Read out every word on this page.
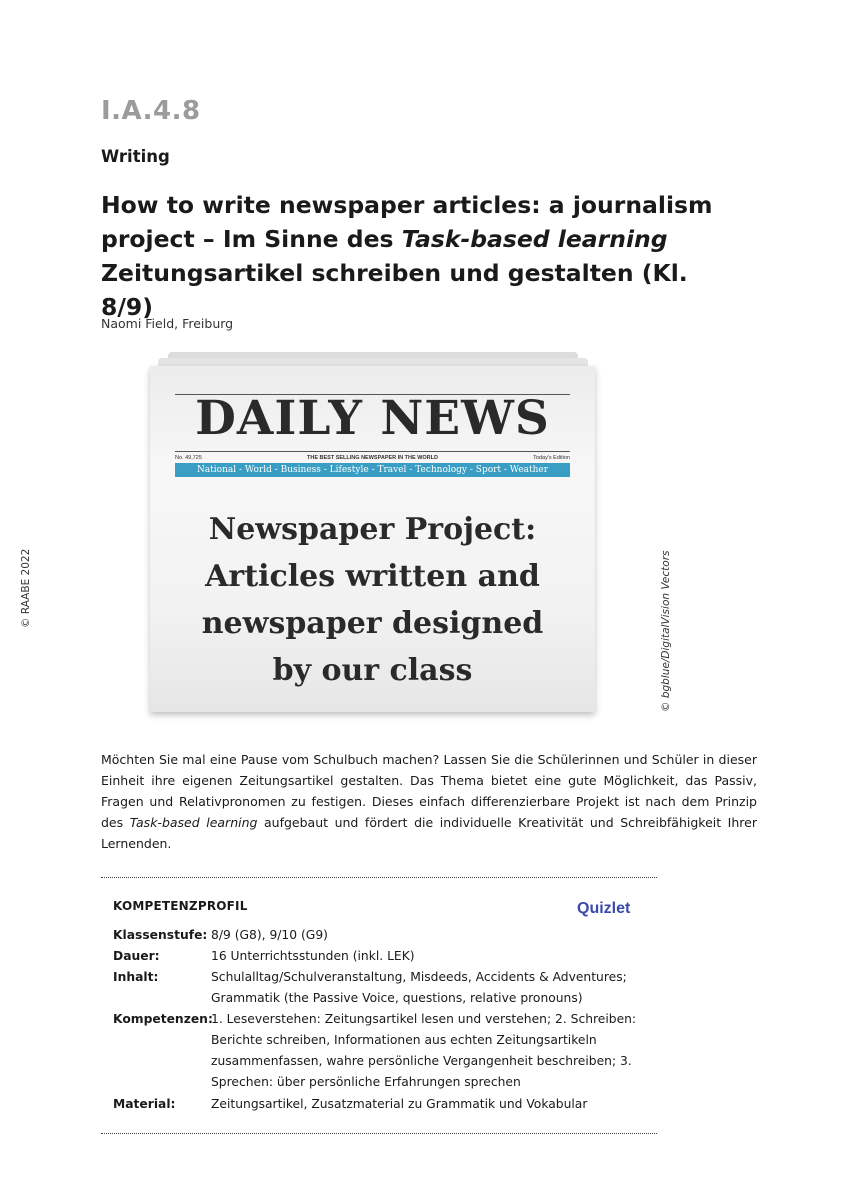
I.A.4.8
Writing
How to write newspaper articles: a journalism project – Im Sinne des Task-based learning Zeitungsartikel schreiben und gestalten (Kl. 8/9)
Naomi Field, Freiburg
© RAABE 2022	© bgblue/DigitalVision Vectors
DAILY NEWS
No. 49,725	THE BEST SELLING NEWSPAPER IN THE WORLD	Today's Edition
National - World - Business - Lifestyle - Travel - Technology - Sport - Weather
Newspaper Project:
Articles written and
newspaper designed
by our class
Möchten Sie mal eine Pause vom Schulbuch machen? Lassen Sie die Schülerinnen und Schüler in dieser Einheit ihre eigenen Zeitungsartikel gestalten. Das Thema bietet eine gute Möglichkeit, das Passiv, Fragen und Relativpronomen zu festigen. Dieses einfach differenzierbare Projekt ist nach dem Prinzip des Task-based learning aufgebaut und fördert die individuelle Kreativität und Schreibfähigkeit Ihrer Lernenden.
KOMPETENZPROFIL	Quizlet
Klassenstufe: 8/9 (G8), 9/10 (G9)
Dauer:	16 Unterrichtsstunden (inkl. LEK)
Inhalt:	Schulalltag/Schulveranstaltung, Misdeeds, Accidents & Adventures; Grammatik (the Passive Voice, questions, relative pronouns)
Kompetenzen:
1. Leseverstehen: Zeitungsartikel lesen und verstehen; 2. Schreiben: Berichte schreiben, Informationen aus echten Zeitungsartikeln zusammenfassen, wahre persönliche Vergangenheit beschreiben; 3. Sprechen: über persönliche Erfahrungen sprechen
Material:	Zeitungsartikel, Zusatzmaterial zu Grammatik und Vokabular
